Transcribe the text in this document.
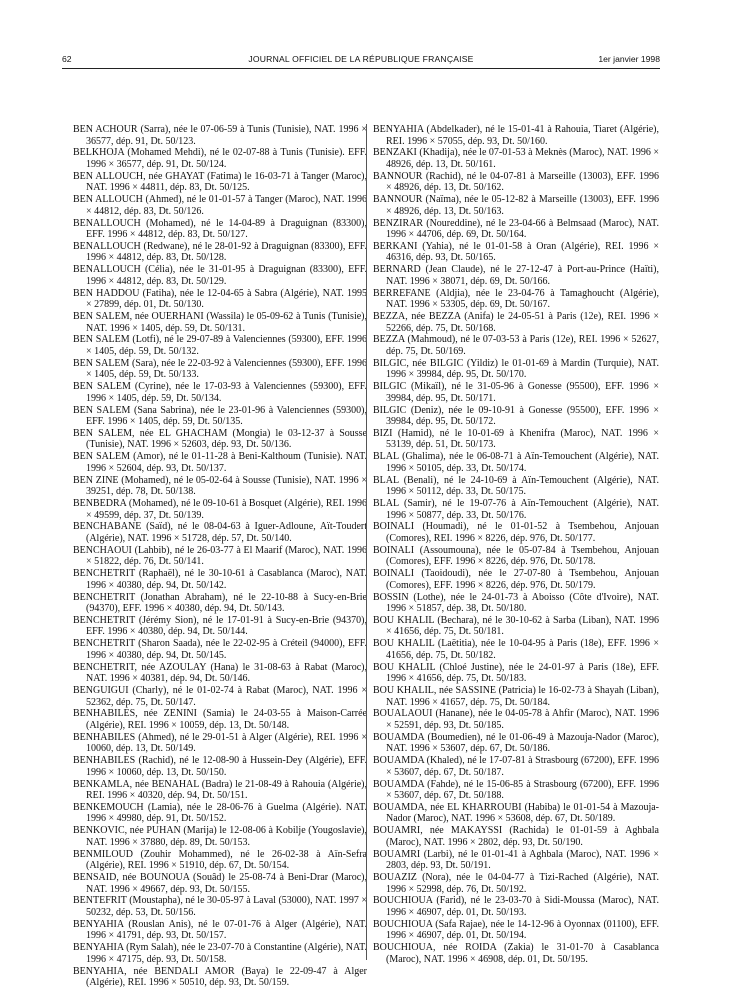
62	JOURNAL OFFICIEL DE LA RÉPUBLIQUE FRANÇAISE	1er janvier 1998

BEN ACHOUR (Sarra), née le 07-06-59 à Tunis (Tunisie), NAT. 1996 × 36577, dép. 91, Dt. 50/123.

BELKHOJA (Mohamed Mehdi), né le 02-07-88 à Tunis (Tunisie). EFF. 1996 × 36577, dép. 91, Dt. 50/124.

BEN ALLOUCH, née GHAYAT (Fatima) le 16-03-71 à Tanger (Maroc), NAT. 1996 × 44811, dép. 83, Dt. 50/125.

BEN ALLOUCH (Ahmed), né le 01-01-57 à Tanger (Maroc), NAT. 1996 × 44812, dép. 83, Dt. 50/126.

BENALLOUCH (Mohamed), né le 14-04-89 à Draguignan (83300), EFF. 1996 × 44812, dép. 83, Dt. 50/127.

BENALLOUCH (Redwane), né le 28-01-92 à Draguignan (83300), EFF. 1996 × 44812, dép. 83, Dt. 50/128.

BENALLOUCH (Célia), née le 31-01-95 à Draguignan (83300), EFF. 1996 × 44812, dép. 83, Dt. 50/129.

BEN HADDOU (Fatiha), née le 12-04-65 à Sabra (Algérie), NAT. 1995 × 27899, dép. 01, Dt. 50/130.

BEN SALEM, née OUERHANI (Wassila) le 05-09-62 à Tunis (Tunisie), NAT. 1996 × 1405, dép. 59, Dt. 50/131.

BEN SALEM (Lotfi), né le 29-07-89 à Valenciennes (59300), EFF. 1996 × 1405, dép. 59, Dt. 50/132.

BEN SALEM (Sara), née le 22-03-92 à Valenciennes (59300), EFF. 1996 × 1405, dép. 59, Dt. 50/133.

BEN SALEM (Cyrine), née le 17-03-93 à Valenciennes (59300), EFF. 1996 × 1405, dép. 59, Dt. 50/134.

BEN SALEM (Sana Sabrina), née le 23-01-96 à Valenciennes (59300), EFF. 1996 × 1405, dép. 59, Dt. 50/135.

BEN SALEM, née EL GHACHAM (Mongia) le 03-12-37 à Sousse (Tunisie), NAT. 1996 × 52603, dép. 93, Dt. 50/136.

BEN SALEM (Amor), né le 01-11-28 à Beni-Kalthoum (Tunisie). NAT. 1996 × 52604, dép. 93, Dt. 50/137.

BEN ZINE (Mohamed), né le 05-02-64 à Sousse (Tunisie), NAT. 1996 × 39251, dép. 78, Dt. 50/138.

BENBEDRA (Mohamed), né le 09-10-61 à Bosquet (Algérie), REI. 1996 × 49599, dép. 37, Dt. 50/139.

BENCHABANE (Saïd), né le 08-04-63 à Iguer-Adloune, Aït-Toudert (Algérie), NAT. 1996 × 51728, dép. 57, Dt. 50/140.

BENCHAOUI (Lahbib), né le 26-03-77 à El Maarif (Maroc), NAT. 1996 × 51822, dép. 76, Dt. 50/141.

BENCHETRIT (Raphaël), né le 30-10-61 à Casablanca (Maroc), NAT. 1996 × 40380, dép. 94, Dt. 50/142.

BENCHETRIT (Jonathan Abraham), né le 22-10-88 à Sucy-en-Brie (94370), EFF. 1996 × 40380, dép. 94, Dt. 50/143.

BENCHETRIT (Jérémy Sion), né le 17-01-91 à Sucy-en-Brie (94370), EFF. 1996 × 40380, dép. 94, Dt. 50/144.

BENCHETRIT (Sharon Saada), née le 22-02-95 à Créteil (94000), EFF. 1996 × 40380, dép. 94, Dt. 50/145.

BENCHETRIT, née AZOULAY (Hana) le 31-08-63 à Rabat (Maroc), NAT. 1996 × 40381, dép. 94, Dt. 50/146.

BENGUIGUI (Charly), né le 01-02-74 à Rabat (Maroc), NAT. 1996 × 52362, dép. 75, Dt. 50/147.

BENHABILES, née ZENINI (Samia) le 24-03-55 à Maison-Carrée (Algérie), REI. 1996 × 10059, dép. 13, Dt. 50/148.

BENHABILES (Ahmed), né le 29-01-51 à Alger (Algérie), REI. 1996 × 10060, dép. 13, Dt. 50/149.

BENHABILES (Rachid), né le 12-08-90 à Hussein-Dey (Algérie), EFF. 1996 × 10060, dép. 13, Dt. 50/150.

BENKAMLA, née BENAHAL (Badra) le 21-08-49 à Rahouia (Algérie), REI. 1996 × 40320, dép. 94, Dt. 50/151.

BENKEMOUCH (Lamia), née le 28-06-76 à Guelma (Algérie). NAT. 1996 × 49980, dép. 91, Dt. 50/152.

BENKOVIC, née PUHAN (Marija) le 12-08-06 à Kobilje (Yougoslavie), NAT. 1996 × 37880, dép. 89, Dt. 50/153.

BENMILOUD (Zouhir Mohammed), né le 26-02-38 à Aïn-Sefra (Algérie), REI. 1996 × 51910, dép. 67, Dt. 50/154.

BENSAID, née BOUNOUA (Souâd) le 25-08-74 à Beni-Drar (Maroc), NAT. 1996 × 49667, dép. 93, Dt. 50/155.

BENTEFRIT (Moustapha), né le 30-05-97 à Laval (53000), NAT. 1997 × 50232, dép. 53, Dt. 50/156.

BENYAHIA (Rouslan Anis), né le 07-01-76 à Alger (Algérie), NAT. 1996 × 41791, dép. 93, Dt. 50/157.

BENYAHIA (Rym Salah), née le 23-07-70 à Constantine (Algérie), NAT. 1996 × 47175, dép. 93, Dt. 50/158.

BENYAHIA, née BENDALI AMOR (Baya) le 22-09-47 à Alger (Algérie), REI. 1996 × 50510, dép. 93, Dt. 50/159.

BENYAHIA (Abdelkader), né le 15-01-41 à Rahouia, Tiaret (Algérie), REI. 1996 × 57055, dép. 93, Dt. 50/160.

BENZAKI (Khadija), née le 07-01-53 à Meknès (Maroc), NAT. 1996 × 48926, dép. 13, Dt. 50/161.

BANNOUR (Rachid), né le 04-07-81 à Marseille (13003), EFF. 1996 × 48926, dép. 13, Dt. 50/162.

BANNOUR (Naïma), née le 05-12-82 à Marseille (13003), EFF. 1996 × 48926, dép. 13, Dt. 50/163.

BENZIRAR (Noureddine), né le 23-04-66 à Belmsaad (Maroc), NAT. 1996 × 44706, dép. 69, Dt. 50/164.

BERKANI (Yahia), né le 01-01-58 à Oran (Algérie), REI. 1996 × 46316, dép. 93, Dt. 50/165.

BERNARD (Jean Claude), né le 27-12-47 à Port-au-Prince (Haïti), NAT. 1996 × 38071, dép. 69, Dt. 50/166.

BERREFANE (Aldjia), née le 23-04-76 à Tamaghoucht (Algérie), NAT. 1996 × 53305, dép. 69, Dt. 50/167.

BEZZA, née BEZZA (Anifa) le 24-05-51 à Paris (12e), REI. 1996 × 52266, dép. 75, Dt. 50/168.

BEZZA (Mahmoud), né le 07-03-53 à Paris (12e), REI. 1996 × 52627, dép. 75, Dt. 50/169.

BILGIC, née BILGIC (Yildiz) le 01-01-69 à Mardin (Turquie), NAT. 1996 × 39984, dép. 95, Dt. 50/170.

BILGIC (Mikaïl), né le 31-05-96 à Gonesse (95500), EFF. 1996 × 39984, dép. 95, Dt. 50/171.

BILGIC (Deniz), née le 09-10-91 à Gonesse (95500), EFF. 1996 × 39984, dép. 95, Dt. 50/172.

BIZI (Hamid), né le 10-01-69 à Khenifra (Maroc), NAT. 1996 × 53139, dép. 51, Dt. 50/173.

BLAL (Ghalima), née le 06-08-71 à Aïn-Temouchent (Algérie), NAT. 1996 × 50105, dép. 33, Dt. 50/174.

BLAL (Benali), né le 24-10-69 à Aïn-Temouchent (Algérie), NAT. 1996 × 50112, dép. 33, Dt. 50/175.

BLAL (Samir), né le 19-07-76 à Aïn-Temouchent (Algérie), NAT. 1996 × 50877, dép. 33, Dt. 50/176.

BOINALI (Houmadi), né le 01-01-52 à Tsembehou, Anjouan (Comores), REI. 1996 × 8226, dép. 976, Dt. 50/177.

BOINALI (Assoumouna), née le 05-07-84 à Tsembehou, Anjouan (Comores), EFF. 1996 × 8226, dép. 976, Dt. 50/178.

BOINALI (Taoidoudi), née le 27-07-80 à Tsembehou, Anjouan (Comores), EFF. 1996 × 8226, dép. 976, Dt. 50/179.

BOSSIN (Lothe), née le 24-01-73 à Aboisso (Côte d'Ivoire), NAT. 1996 × 51857, dép. 38, Dt. 50/180.

BOU KHALIL (Bechara), né le 30-10-62 à Sarba (Liban), NAT. 1996 × 41656, dép. 75, Dt. 50/181.

BOU KHALIL (Laëtitia), née le 10-04-95 à Paris (18e), EFF. 1996 × 41656, dép. 75, Dt. 50/182.

BOU KHALIL (Chloé Justine), née le 24-01-97 à Paris (18e), EFF. 1996 × 41656, dép. 75, Dt. 50/183.

BOU KHALIL, née SASSINE (Patricia) le 16-02-73 à Shayah (Liban), NAT. 1996 × 41657, dép. 75, Dt. 50/184.

BOUALAOUI (Hanane), née le 04-05-78 à Ahfir (Maroc), NAT. 1996 × 52591, dép. 93, Dt. 50/185.

BOUAMDA (Boumedien), né le 01-06-49 à Mazouja-Nador (Maroc), NAT. 1996 × 53607, dép. 67, Dt. 50/186.

BOUAMDA (Khaled), né le 17-07-81 à Strasbourg (67200), EFF. 1996 × 53607, dép. 67, Dt. 50/187.

BOUAMDA (Fahde), né le 15-06-85 à Strasbourg (67200), EFF. 1996 × 53607, dép. 67, Dt. 50/188.

BOUAMDA, née EL KHARROUBI (Habiba) le 01-01-54 à Mazouja-Nador (Maroc), NAT. 1996 × 53608, dép. 67, Dt. 50/189.

BOUAMRI, née MAKAYSSI (Rachida) le 01-01-59 à Aghbala (Maroc), NAT. 1996 × 2802, dép. 93, Dt. 50/190.

BOUAMRI (Larbi), né le 01-01-41 à Aghbala (Maroc), NAT. 1996 × 2803, dép. 93, Dt. 50/191.

BOUAZIZ (Nora), née le 04-04-77 à Tizi-Rached (Algérie), NAT. 1996 × 52998, dép. 76, Dt. 50/192.

BOUCHIOUA (Farid), né le 23-03-70 à Sidi-Moussa (Maroc), NAT. 1996 × 46907, dép. 01, Dt. 50/193.

BOUCHIOUA (Safa Rajae), née le 14-12-96 à Oyonnax (01100), EFF. 1996 × 46907, dép. 01, Dt. 50/194.

BOUCHIOUA, née ROIDA (Zakia) le 31-01-70 à Casablanca (Maroc), NAT. 1996 × 46908, dép. 01, Dt. 50/195.
